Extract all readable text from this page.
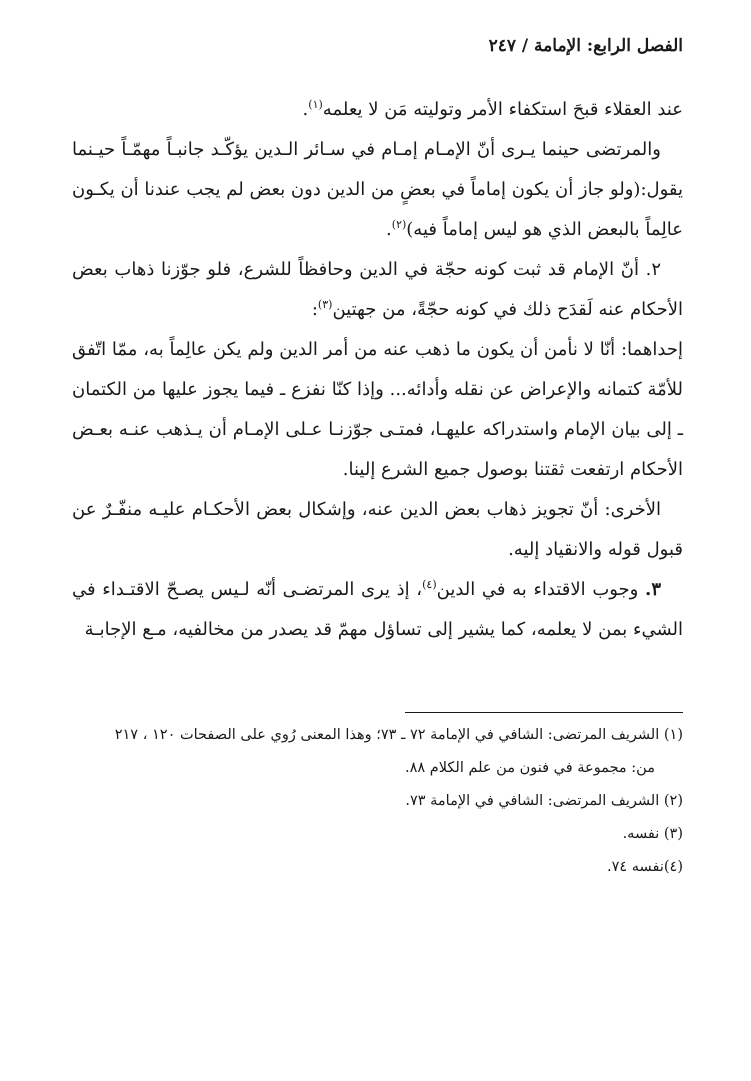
الفصل الرابع: الإمامة / ٢٤٧

عند العقلاء قبحَ استكفاء الأمر وتوليته مَن لا يعلمه$^{(١)}$.

والمرتضى حينما يـرى أنّ الإمـام إمـام في سـائر الـدين يؤكّـد جانبـاً مهمّـاً حيـنما يقول:(ولو جاز أن يكون إماماً في بعضٍ من الدين دون بعض لم يجب عندنا أن يكـون عالِماً بالبعض الذي هو ليس إماماً فيه)$^{(٢)}$.

٢. أنّ الإمام قد ثبت كونه حجّة في الدين وحافظاً للشرع، فلو جوّزنا ذهاب بعض الأحكام عنه لَقدَح ذلك في كونه حجّةً، من جهتين$^{(٣)}$:

إحداهما: أنّا لا نأمن أن يكون ما ذهب عنه من أمر الدين ولم يكن عالِماً به، ممّا اتّفق للأمّة كتمانه والإعراض عن نقله وأدائه... وإذا كنّا نفزع ـ فيما يجوز عليها من الكتمان ـ إلى بيان الإمام واستدراكه عليهـا، فمتـى جوّزنـا عـلى الإمـام أن يـذهب عنـه بعـض الأحكام ارتفعت ثقتنا بوصول جميع الشرع إلينا.

الأخرى: أنّ تجويز ذهاب بعض الدين عنه، وإشكال بعض الأحكـام عليـه منفّـرٌ عن قبول قوله والانقياد إليه.

٣. وجوب الاقتداء به في الدين$^{(٤)}$، إذ يرى المرتضـى أنّه لـيس يصـحّ الاقتـداء في الشيء بمن لا يعلمه، كما يشير إلى تساؤل مهمّ قد يصدر من مخالفيه، مـع الإجابـة

(١) الشريف المرتضى: الشافي في الإمامة ٧٢ ـ ٧٣؛ وهذا المعنى رُوي على الصفحات ١٢٠ ، ٢١٧

من: مجموعة في فنون من علم الكلام ٨٨.

(٢) الشريف المرتضى: الشافي في الإمامة ٧٣.

(٣) نفسه.

(٤)نفسه ٧٤.
